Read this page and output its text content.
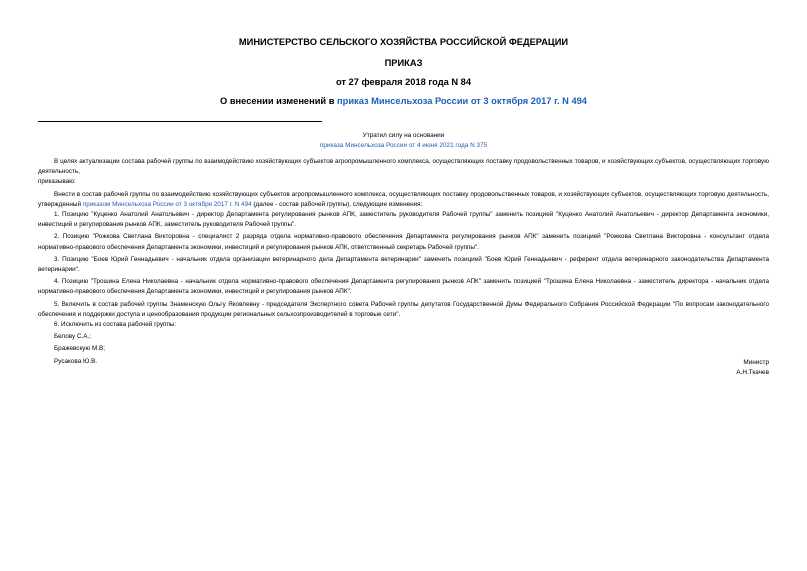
МИНИСТЕРСТВО СЕЛЬСКОГО ХОЗЯЙСТВА РОССИЙСКОЙ ФЕДЕРАЦИИ
ПРИКАЗ
от 27 февраля 2018 года N 84
О внесении изменений в приказ Минсельхоза России от 3 октября 2017 г. N 494
Утратил силу на основании
приказа Минсельхоза России от 4 июня 2021 года N 375

В целях актуализации состава рабочей группы по взаимодействию хозяйствующих субъектов агропромышленного комплекса, осуществляющих поставку продовольственных товаров, и хозяйствующих субъектов, осуществляющих торговую деятельность,

приказываю:

Внести в состав рабочей группы по взаимодействию хозяйствующих субъектов агропромышленного комплекса, осуществляющих поставку продовольственных товаров, и хозяйствующих субъектов, осуществляющих торговую деятельность, утвержденный приказом Минсельхоза России от 3 октября 2017 г. N 494 (далее - состав рабочей группы), следующие изменения:

1. Позицию "Куценко Анатолий Анатольевич - директор Департамента регулирования рынков АПК, заместитель руководителя Рабочей группы" заменить позицией "Куценко Анатолий Анатольевич - директор Департамента экономики, инвестиций и регулирования рынков АПК, заместитель руководителя Рабочей группы".

2. Позицию "Рожкова Светлана Викторовна - специалист 2 разряда отдела нормативно-правового обеспечения Департамента регулирования рынков АПК" заменить позицией "Рожкова Светлана Викторовна - консультант отдела нормативно-правового обеспечения Департамента экономики, инвестиций и регулирования рынков АПК, ответственный секретарь Рабочей группы".

3. Позицию "Боев Юрий Геннадьевич - начальник отдела организации ветеринарного дела Департамента ветеринарии" заменить позицией "Боев Юрий Геннадьевич - референт отдела ветеринарного законодательства Департамента ветеринарии".

4. Позицию "Трошина Елена Николаевна - начальник отдела нормативно-правового обеспечения Департамента регулирования рынков АПК" заменить позицией "Трошина Елена Николаевна - заместитель директора - начальник отдела нормативно-правового обеспечения Департамента экономики, инвестиций и регулирования рынков АПК".

5. Включить в состав рабочей группы Знаменскую Ольгу Яковлевну - председателя Экспертного совета Рабочей группы депутатов Государственной Думы Федерального Собрания Российской Федерации "По вопросам законодательного обеспечения и поддержки доступа и ценообразования продукции региональных сельхозпроизводителей в торговые сети".

6. Исключить из состава рабочей группы:

Белову С.А.;

Бражевскую М.В;

Русакова Ю.В.	Министр
А.Н.Ткачев
